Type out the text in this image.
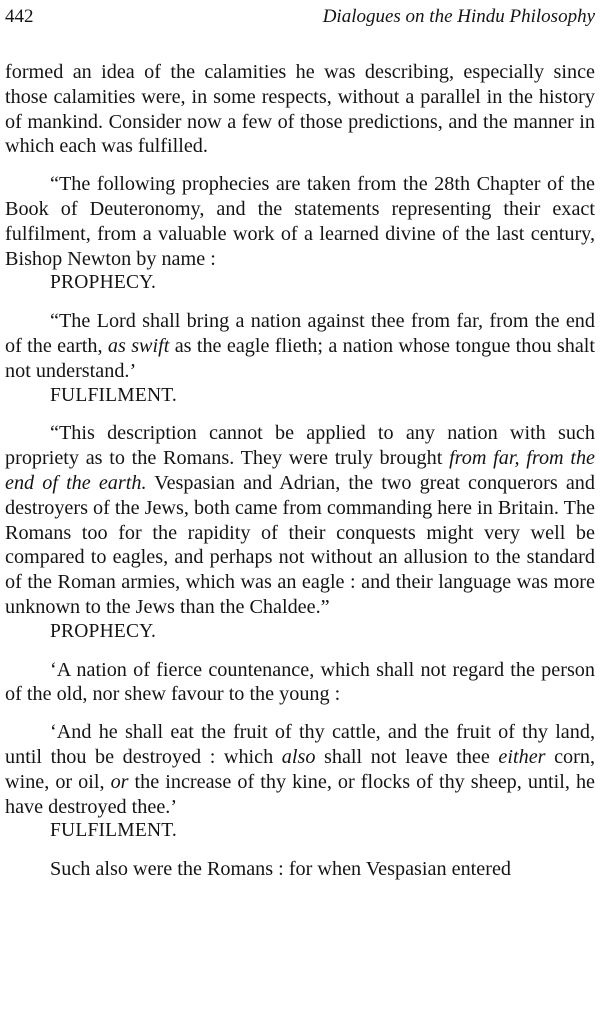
442	Dialogues on the Hindu Philosophy

formed an idea of the calamities he was describing, especially since those calamities were, in some respects, without a parallel in the history of mankind. Consider now a few of those predictions, and the manner in which each was fulfilled.

“The following prophecies are taken from the 28th Chapter of the Book of Deuteronomy, and the statements representing their exact fulfilment, from a valuable work of a learned divine of the last century, Bishop Newton by name :

PROPHECY.

“The Lord shall bring a nation against thee from far, from the end of the earth, as swift as the eagle flieth; a nation whose tongue thou shalt not understand.’

FULFILMENT.

“This description cannot be applied to any nation with such propriety as to the Romans. They were truly brought from far, from the end of the earth. Vespasian and Adrian, the two great conquerors and destroyers of the Jews, both came from commanding here in Britain. The Romans too for the rapidity of their conquests might very well be compared to eagles, and perhaps not without an allusion to the standard of the Roman armies, which was an eagle : and their language was more unknown to the Jews than the Chaldee.”

PROPHECY.

‘A nation of fierce countenance, which shall not regard the person of the old, nor shew favour to the young :

‘And he shall eat the fruit of thy cattle, and the fruit of thy land, until thou be destroyed : which also shall not leave thee either corn, wine, or oil, or the increase of thy kine, or flocks of thy sheep, until, he have destroyed thee.’

FULFILMENT.

Such also were the Romans : for when Vespasian entered
